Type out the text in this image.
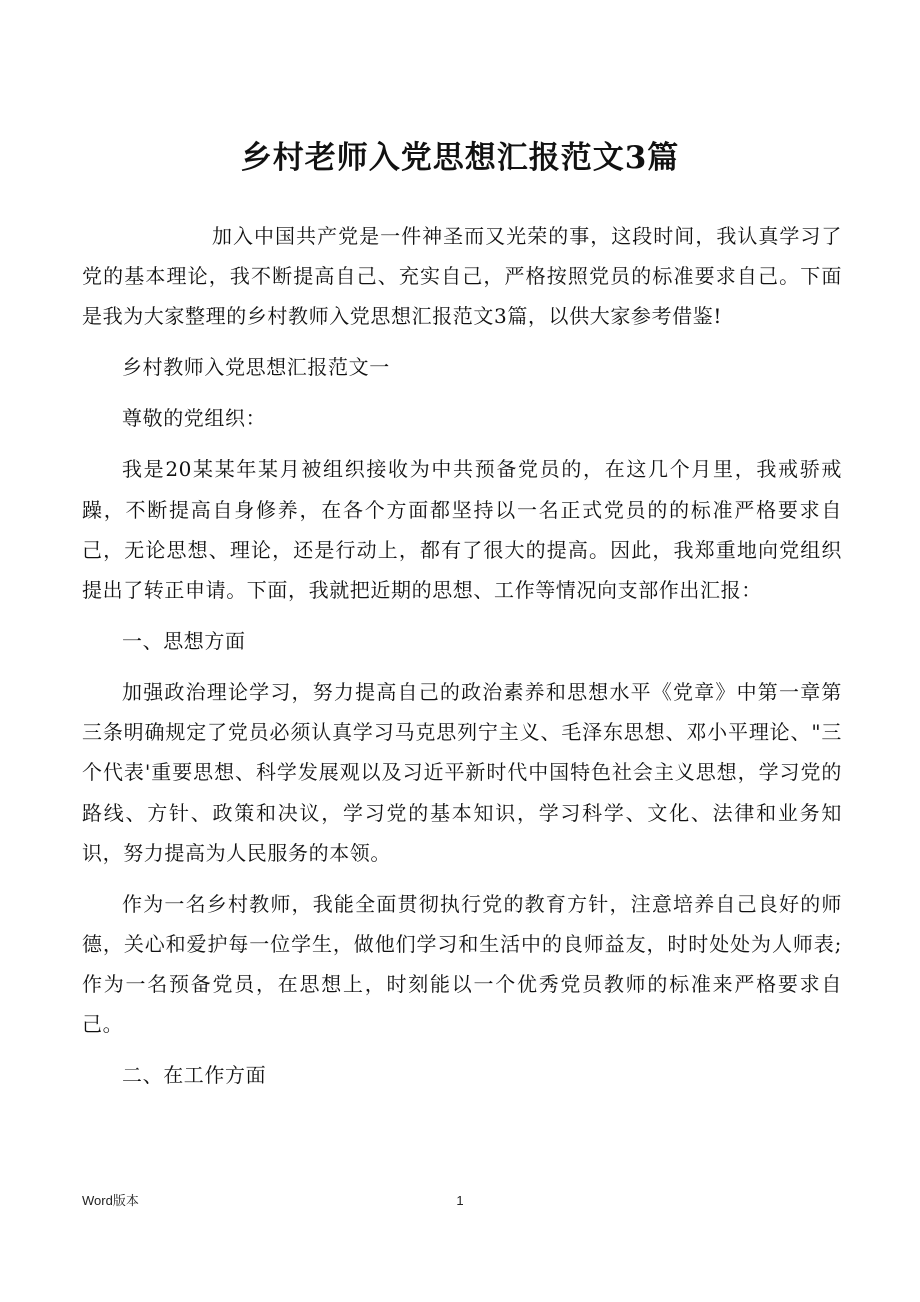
乡村老师入党思想汇报范文3篇

加入中国共产党是一件神圣而又光荣的事，这段时间，我认真学习了党的基本理论，我不断提高自己、充实自己，严格按照党员的标准要求自己。下面是我为大家整理的乡村教师入党思想汇报范文3篇，以供大家参考借鉴!

乡村教师入党思想汇报范文一

尊敬的党组织：

我是20某某年某月被组织接收为中共预备党员的，在这几个月里，我戒骄戒躁，不断提高自身修养，在各个方面都坚持以一名正式党员的的标准严格要求自己，无论思想、理论，还是行动上，都有了很大的提高。因此，我郑重地向党组织提出了转正申请。下面，我就把近期的思想、工作等情况向支部作出汇报：

一、思想方面

加强政治理论学习，努力提高自己的政治素养和思想水平《党章》中第一章第三条明确规定了党员必须认真学习马克思列宁主义、毛泽东思想、邓小平理论、"三个代表'重要思想、科学发展观以及习近平新时代中国特色社会主义思想，学习党的路线、方针、政策和决议，学习党的基本知识，学习科学、文化、法律和业务知识，努力提高为人民服务的本领。

作为一名乡村教师，我能全面贯彻执行党的教育方针，注意培养自己良好的师德，关心和爱护每一位学生，做他们学习和生活中的良师益友，时时处处为人师表;作为一名预备党员，在思想上，时刻能以一个优秀党员教师的标准来严格要求自己。

二、在工作方面

Word版本	1
